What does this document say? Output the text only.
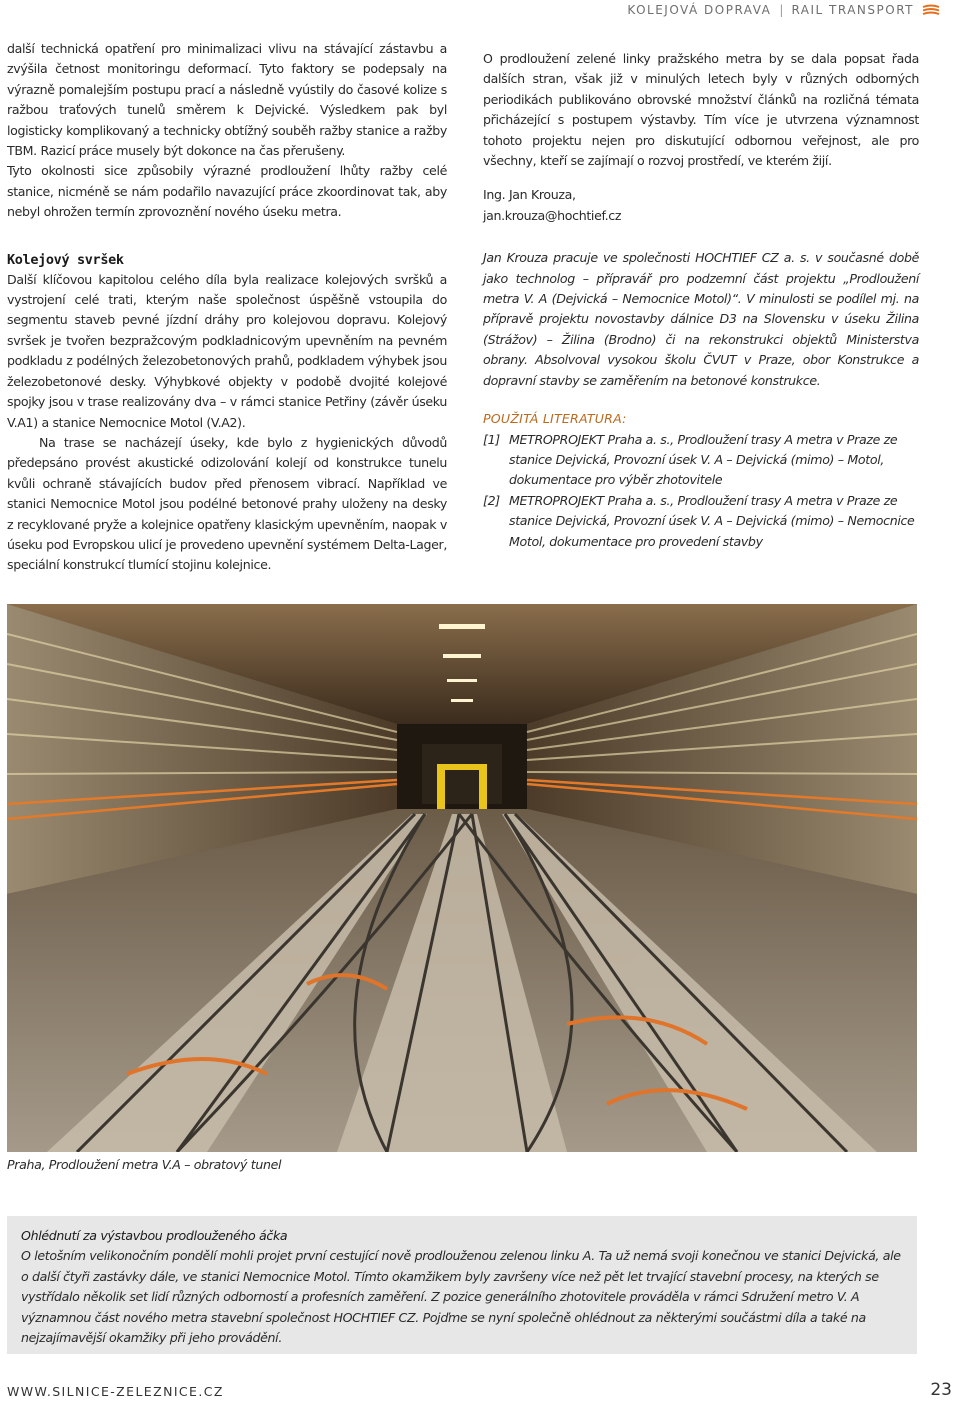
KOLEJOVÁ DOPRAVA | RAIL TRANSPORT

další technická opatření pro minimalizaci vlivu na stávající zástavbu a zvýšila četnost monitoringu deformací. Tyto faktory se podepsaly na výrazně pomalejším postupu prací a následně vyústily do časové kolize s ražbou traťových tunelů směrem k Dejvické. Výsledkem pak byl logisticky komplikovaný a technicky obtížný souběh ražby stanice a ražby TBM. Razicí práce musely být dokonce na čas přerušeny.

Tyto okolnosti sice způsobily výrazné prodloužení lhůty ražby celé stanice, nicméně se nám podařilo navazující práce zkoordinovat tak, aby nebyl ohrožen termín zprovoznění nového úseku metra.

Kolejový svršek

Další klíčovou kapitolou celého díla byla realizace kolejových svršků a vystrojení celé trati, kterým naše společnost úspěšně vstoupila do segmentu staveb pevné jízdní dráhy pro kolejovou dopravu. Kolejový svršek je tvořen bezpražcovým podkladnicovým upevněním na pevném podkladu z podélných železobetonových prahů, podkladem výhybek jsou železobetonové desky. Výhybkové objekty v podobě dvojité kolejové spojky jsou v trase realizovány dva – v rámci stanice Petřiny (závěr úseku V.A1) a stanice Nemocnice Motol (V.A2).

Na trase se nacházejí úseky, kde bylo z hygienických důvodů předepsáno provést akustické odizolování kolejí od konstrukce tunelu kvůli ochraně stávajících budov před přenosem vibrací. Například ve stanici Nemocnice Motol jsou podélné betonové prahy uloženy na desky z recyklované pryže a kolejnice opatřeny klasickým upevněním, naopak v úseku pod Evropskou ulicí je provedeno upevnění systémem Delta-Lager, speciální konstrukcí tlumící stojinu kolejnice.

O prodloužení zelené linky pražského metra by se dala popsat řada dalších stran, však již v minulých letech byly v různých odborných periodikách publikováno obrovské množství článků na rozličná témata přicházející s postupem výstavby. Tím více je utvrzena významnost tohoto projektu nejen pro diskutující odbornou veřejnost, ale pro všechny, kteří se zajímají o rozvoj prostředí, ve kterém žijí.

Ing. Jan Krouza,

jan.krouza@hochtief.cz

Jan Krouza pracuje ve společnosti HOCHTIEF CZ a. s. v současné době jako technolog – přípravář pro podzemní část projektu „Prodloužení metra V. A (Dejvická – Nemocnice Motol)“. V minulosti se podílel mj. na přípravě projektu novostavby dálnice D3 na Slovensku v úseku Žilina (Strážov) – Žilina (Brodno) či na rekonstrukci objektů Ministerstva obrany. Absolvoval vysokou školu ČVUT v Praze, obor Konstrukce a dopravní stavby se zaměřením na betonové konstrukce.

POUŽITÁ LITERATURA:

[1] METROPROJEKT Praha a. s., Prodloužení trasy A metra v Praze ze stanice Dejvická, Provozní úsek V. A – Dejvická (mimo) – Motol, dokumentace pro výběr zhotovitele
[2] METROPROJEKT Praha a. s., Prodloužení trasy A metra v Praze ze stanice Dejvická, Provozní úsek V. A – Dejvická (mimo) – Nemocnice Motol, dokumentace pro provedení stavby
Praha, Prodloužení metra V.A – obratový tunel
Ohlédnutí za výstavbou prodlouženého áčka
O letošním velikonočním pondělí mohli projet první cestující nově prodlouženou zelenou linku A. Ta už nemá svoji konečnou ve stanici Dejvická, ale o další čtyři zastávky dále, ve stanici Nemocnice Motol. Tímto okamžikem byly završeny více než pět let trvající stavební procesy, na kterých se vystřídalo několik set lidí různých odborností a profesních zaměření. Z pozice generálního zhotovitele prováděla v rámci Sdružení metro V. A významnou část nového metra stavební společnost HOCHTIEF CZ. Pojďme se nyní společně ohlédnout za některými součástmi díla a také na nejzajímavější okamžiky při jeho provádění.
WWW.SILNICE-ZELEZNICE.CZ	23
